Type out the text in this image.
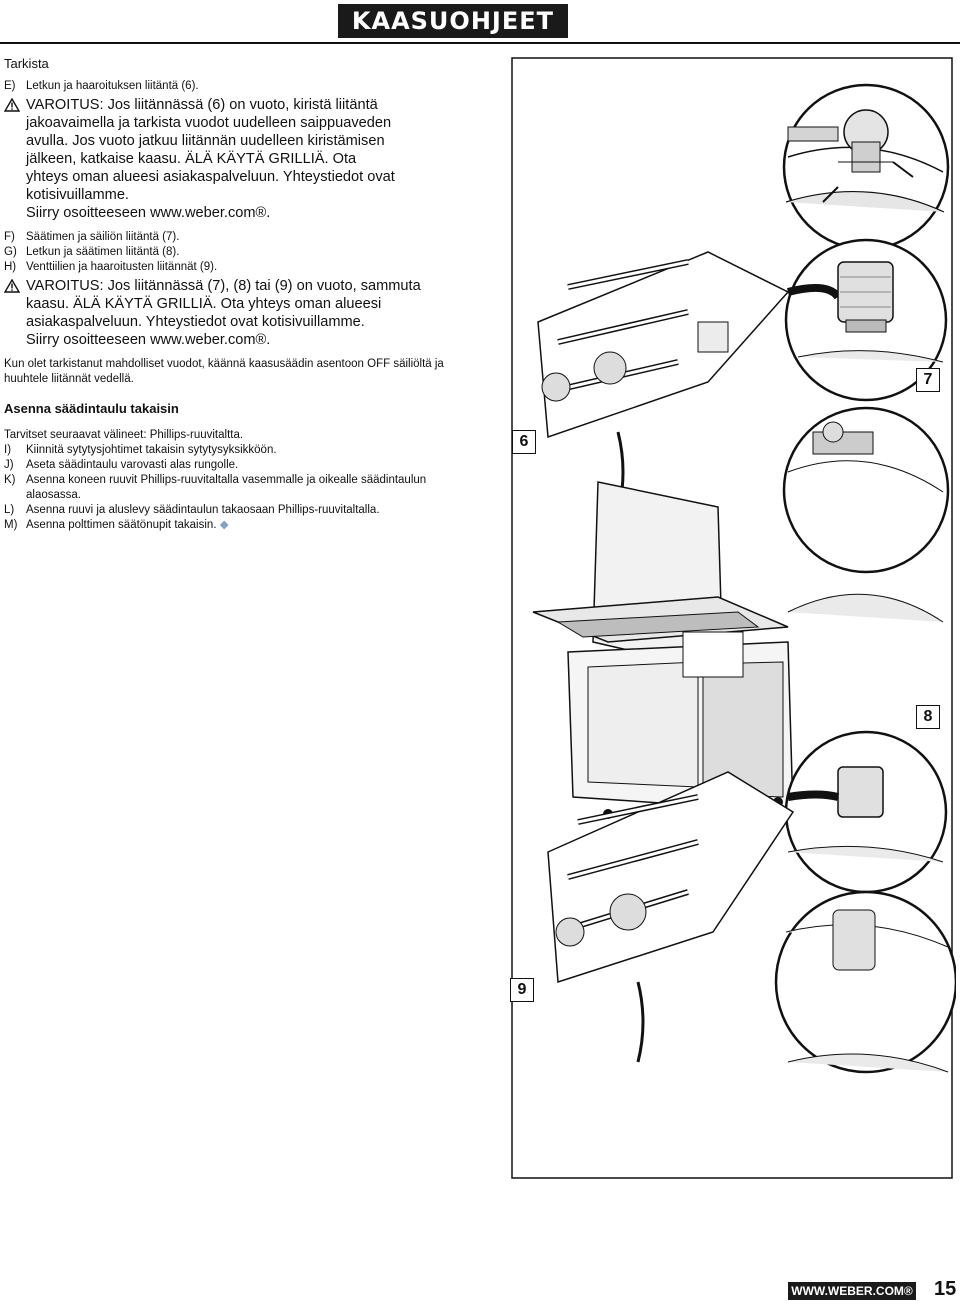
KAASUOHJEET
Tarkista

E) Letkun ja haaroituksen liitäntä (6).

VAROITUS: Jos liitännässä (6) on vuoto, kiristä liitäntä
jakoavaimella ja tarkista vuodot uudelleen saippuaveden
avulla. Jos vuoto jatkuu liitännän uudelleen kiristämisen
jälkeen, katkaise kaasu. ÄLÄ KÄYTÄ GRILLIÄ. Ota
yhteys oman alueesi asiakaspalveluun. Yhteystiedot ovat
kotisivuillamme.
Siirry osoitteeseen www.weber.com®.

F) Säätimen ja säiliön liitäntä (7).

G) Letkun ja säätimen liitäntä (8).

H) Venttiilien ja haaroitusten liitännät (9).

VAROITUS: Jos liitännässä (7), (8) tai (9) on vuoto, sammuta
kaasu. ÄLÄ KÄYTÄ GRILLIÄ. Ota yhteys oman alueesi
asiakaspalveluun. Yhteystiedot ovat kotisivuillamme.
Siirry osoitteeseen www.weber.com®.

Kun olet tarkistanut mahdolliset vuodot, käännä kaasusäädin asentoon OFF säiliöltä ja huuhtele liitännät vedellä.

Asenna säädintaulu takaisin

Tarvitset seuraavat välineet: Phillips-ruuvitaltta.

I)	Kiinnitä sytytysjohtimet takaisin sytytysyksikköön.

J)	Aseta säädintaulu varovasti alas rungolle.

K) Asenna koneen ruuvit Phillips-ruuvitaltalla vasemmalle ja oikealle säädintaulun alaosassa.

L)	Asenna ruuvi ja aluslevy säädintaulun takaosaan Phillips-ruuvitaltalla.

M) Asenna polttimen säätönupit takaisin. ◆

6
7
8
9
WWW.WEBER.COM® 15
